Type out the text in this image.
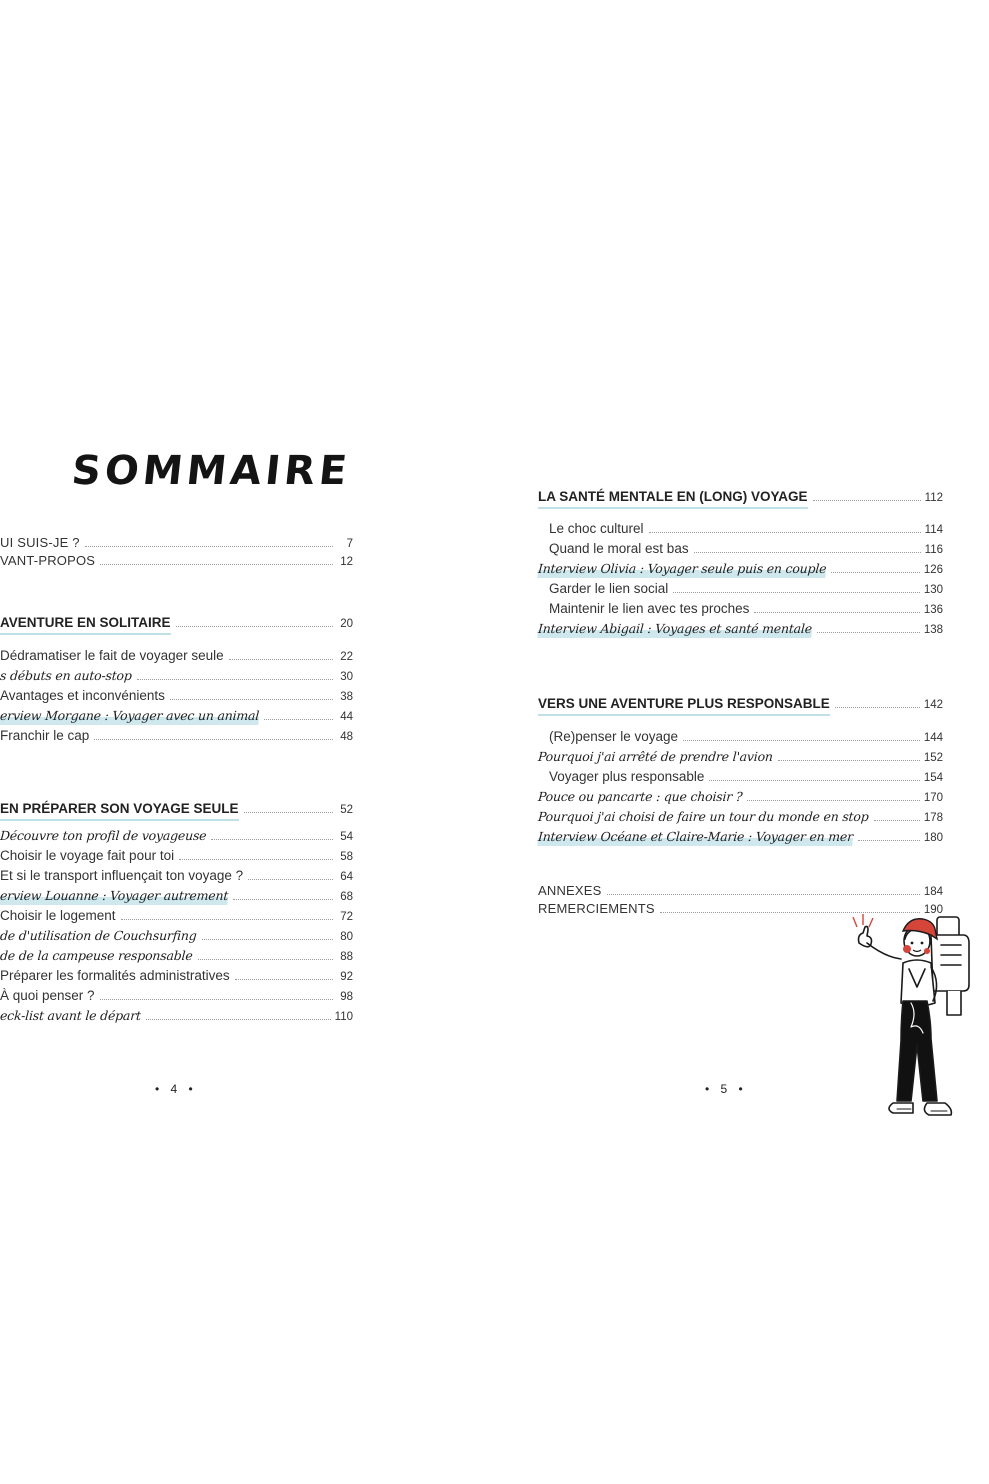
SOMMAIRE
UI SUIS-JE ?	7
VANT-PROPOS	12
AVENTURE EN SOLITAIRE	20
Dédramatiser le fait de voyager seule	22
s débuts en auto-stop	30
Avantages et inconvénients	38
erview Morgane : Voyager avec un animal	44
Franchir le cap	48
EN PRÉPARER SON VOYAGE SEULE	52
Découvre ton profil de voyageuse	54
Choisir le voyage fait pour toi	58
Et si le transport influençait ton voyage ?	64
erview Louanne : Voyager autrement	68
Choisir le logement	72
de d'utilisation de Couchsurfing	80
de de la campeuse responsable	88
Préparer les formalités administratives	92
À quoi penser ?	98
eck-list avant le départ	110
• 4 •
LA SANTÉ MENTALE EN (LONG) VOYAGE	112
Le choc culturel	114
Quand le moral est bas	116
Interview Olivia : Voyager seule puis en couple	126
Garder le lien social	130
Maintenir le lien avec tes proches	136
Interview Abigail : Voyages et santé mentale	138
VERS UNE AVENTURE PLUS RESPONSABLE	142
(Re)penser le voyage	144
Pourquoi j'ai arrêté de prendre l'avion	152
Voyager plus responsable	154
Pouce ou pancarte : que choisir ?	170
Pourquoi j'ai choisi de faire un tour du monde en stop	178
Interview Océane et Claire-Marie : Voyager en mer	180
ANNEXES	184
REMERCIEMENTS	190
• 5 •
